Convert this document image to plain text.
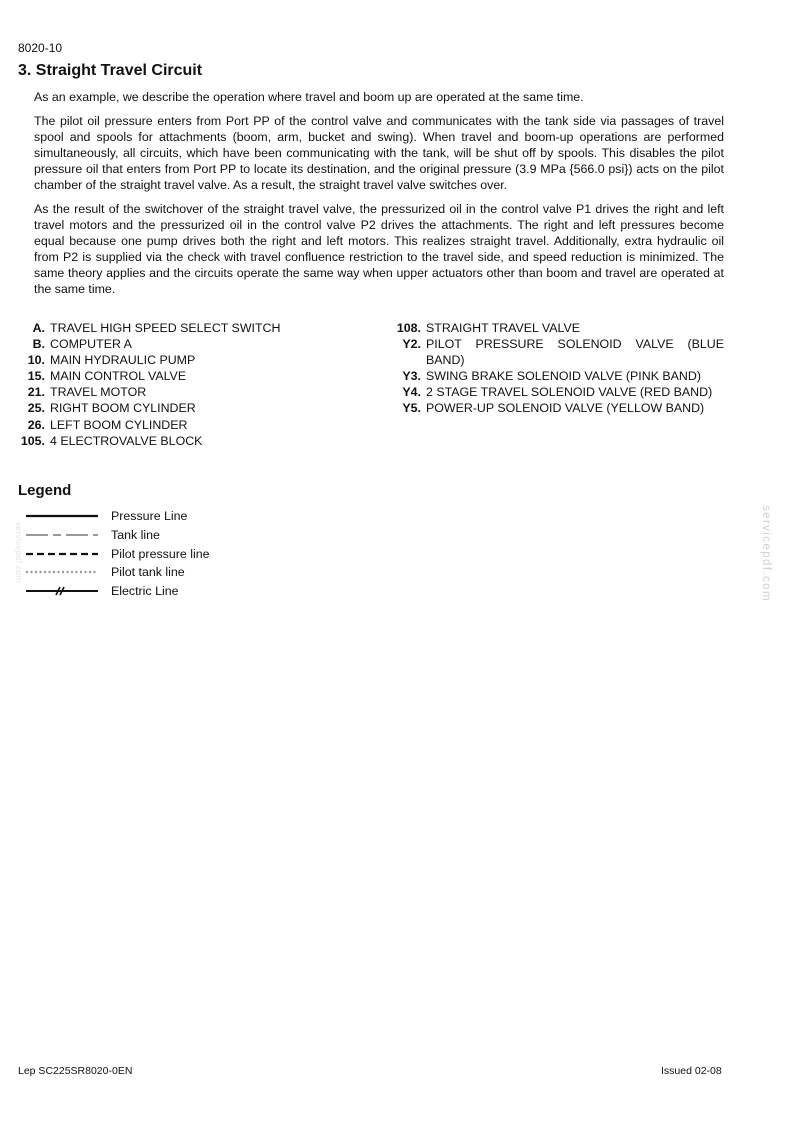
8020-10
3. Straight Travel Circuit

As an example, we describe the operation where travel and boom up are operated at the same time.

The pilot oil pressure enters from Port PP of the control valve and communicates with the tank side via passages of travel spool and spools for attachments (boom, arm, bucket and swing). When travel and boom-up operations are performed simultaneously, all circuits, which have been communicating with the tank, will be shut off by spools. This disables the pilot pressure oil that enters from Port PP to locate its destination, and the original pressure (3.9 MPa {566.0 psi}) acts on the pilot chamber of the straight travel valve. As a result, the straight travel valve switches over.

As the result of the switchover of the straight travel valve, the pressurized oil in the control valve P1 drives the right and left travel motors and the pressurized oil in the control valve P2 drives the attachments. The right and left pressures become equal because one pump drives both the right and left motors. This realizes straight travel. Additionally, extra hydraulic oil from P2 is supplied via the check with travel confluence restriction to the travel side, and speed reduction is minimized. The same theory applies and the circuits operate the same way when upper actuators other than boom and travel are operated at the same time.

A. TRAVEL HIGH SPEED SELECT SWITCH
B. COMPUTER A
10. MAIN HYDRAULIC PUMP
15. MAIN CONTROL VALVE
21. TRAVEL MOTOR
25. RIGHT BOOM CYLINDER
26. LEFT BOOM CYLINDER
105. 4 ELECTROVALVE BLOCK
108. STRAIGHT TRAVEL VALVE
Y2. PILOT PRESSURE SOLENOID VALVE (BLUE BAND)
Y3. SWING BRAKE SOLENOID VALVE (PINK BAND)
Y4. 2 STAGE TRAVEL SOLENOID VALVE (RED BAND)
Y5. POWER-UP SOLENOID VALVE (YELLOW BAND)
Legend
Pressure Line
Tank line
Pilot pressure line
Pilot tank line
Electric Line	servicepdf.com
servicepdf.com
Lep SC225SR8020-0EN	Issued 02-08
